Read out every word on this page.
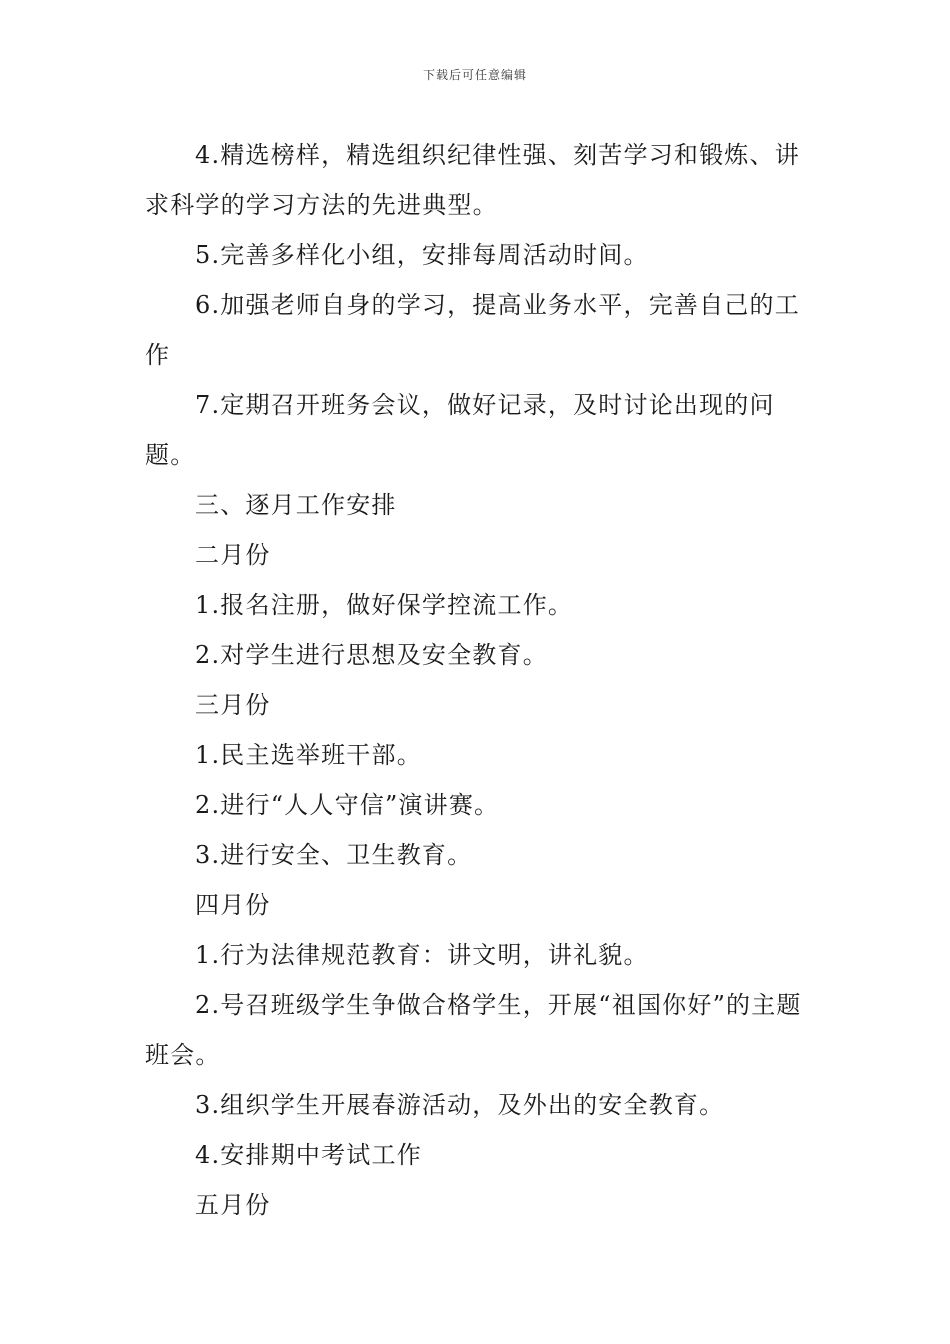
下载后可任意编辑

4.精选榜样，精选组织纪律性强、刻苦学习和锻炼、讲求科学的学习方法的先进典型。

5.完善多样化小组，安排每周活动时间。

6.加强老师自身的学习，提高业务水平，完善自己的工作

7.定期召开班务会议，做好记录，及时讨论出现的问题。

三、逐月工作安排

二月份

1.报名注册，做好保学控流工作。

2.对学生进行思想及安全教育。

三月份

1.民主选举班干部。

2.进行“人人守信”演讲赛。

3.进行安全、卫生教育。

四月份

1.行为法律规范教育：讲文明，讲礼貌。

2.号召班级学生争做合格学生，开展“祖国你好”的主题班会。

3.组织学生开展春游活动，及外出的安全教育。

4.安排期中考试工作

五月份
